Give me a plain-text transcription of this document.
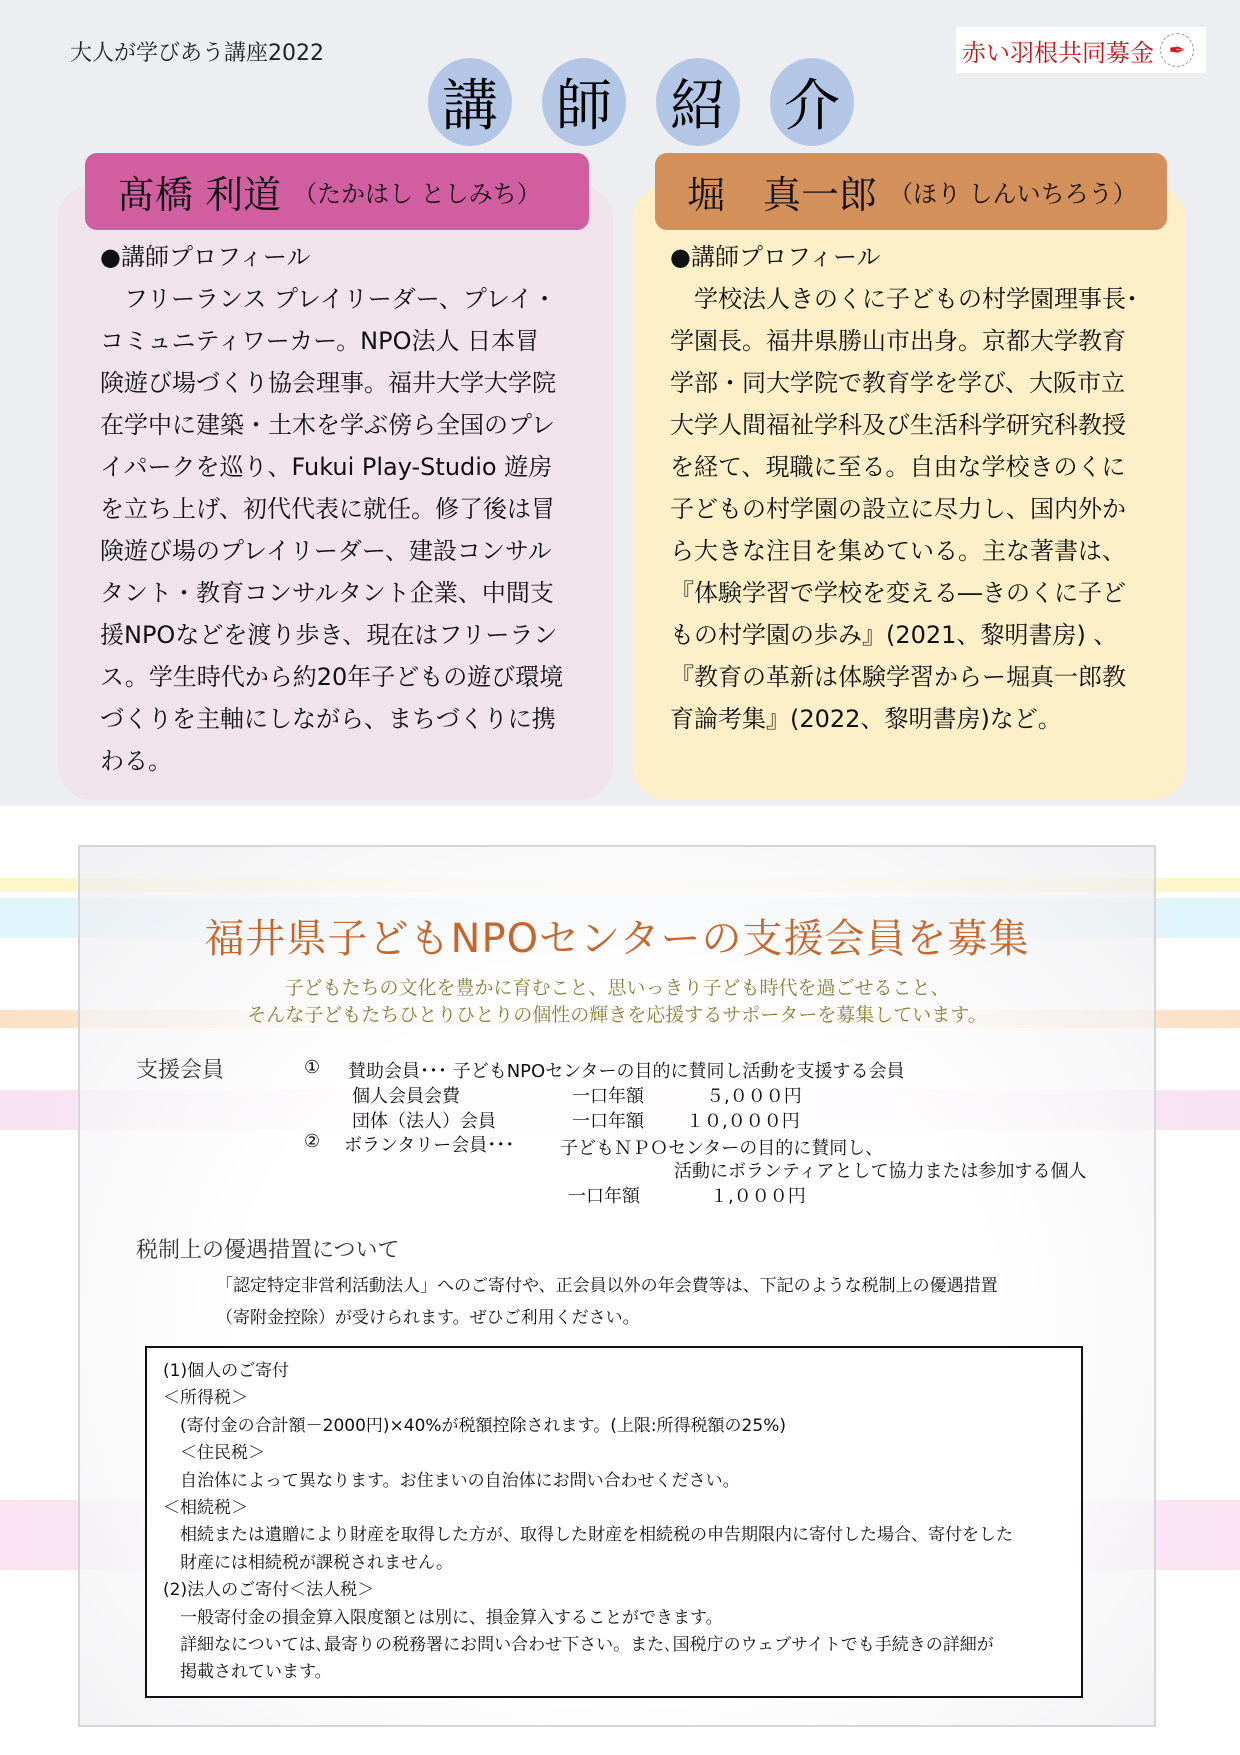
大人が学びあう講座2022	赤い羽根共同募金 ✒
講 師 紹 介
髙橋 利道 （たかはし としみち）	堀　真一郎 （ほり しんいちろう）
●講師プロフィール
　フリーランス プレイリーダー、プレイ・
コミュニティワーカー。NPO法人 日本冒
険遊び場づくり協会理事。福井大学大学院
在学中に建築・土木を学ぶ傍ら全国のプレ
イパークを巡り、Fukui Play-Studio 遊房
を立ち上げ、初代代表に就任。修了後は冒
険遊び場のプレイリーダー、建設コンサル
タント・教育コンサルタント企業、中間支
援NPOなどを渡り歩き、現在はフリーラン
ス。学生時代から約20年子どもの遊び環境
づくりを主軸にしながら、まちづくりに携
わる。
●講師プロフィール
　学校法人きのくに子どもの村学園理事長･
学園長。福井県勝山市出身。京都大学教育
学部・同大学院で教育学を学び、大阪市立
大学人間福祉学科及び生活科学研究科教授
を経て、現職に至る。自由な学校きのくに
子どもの村学園の設立に尽力し、国内外か
ら大きな注目を集めている。主な著書は、
『体験学習で学校を変える―きのくに子ど
もの村学園の歩み』(2021、黎明書房) 、
『教育の革新は体験学習からー堀真一郎教
育論考集』(2022、黎明書房)など。
福井県子どもNPOセンターの支援会員を募集
子どもたちの文化を豊かに育むこと、思いっきり子ども時代を過ごせること、
そんな子どもたちひとりひとりの個性の輝きを応援するサポーターを募集しています。
支援会員	① 賛助会員･･･ 子どもNPOセンターの目的に賛同し活動を支援する会員
個人会員会費	一口年額	５,０００円
団体（法人）会員	一口年額 １０,０００円
② ボランタリー会員･･･	子どもＮＰＯセンターの目的に賛同し、
活動にボランティアとして協力または参加する個人
一口年額	１,０００円
税制上の優遇措置について
「認定特定非営利活動法人」へのご寄付や、正会員以外の年会費等は、下記のような税制上の優遇措置
（寄附金控除）が受けられます。ぜひご利用ください。
(1)個人のご寄付
＜所得税＞
　(寄付金の合計額－2000円)×40%が税額控除されます。(上限:所得税額の25%)
　＜住民税＞
　自治体によって異なります。お住まいの自治体にお問い合わせください。
＜相続税＞
　相続または遺贈により財産を取得した方が、取得した財産を相続税の申告期限内に寄付した場合、寄付をした
　財産には相続税が課税されません。
(2)法人のご寄付＜法人税＞
　一般寄付金の損金算入限度額とは別に、損金算入することができます。
　詳細なについては､最寄りの税務署にお問い合わせ下さい。また､国税庁のウェブサイトでも手続きの詳細が
　掲載されています。
